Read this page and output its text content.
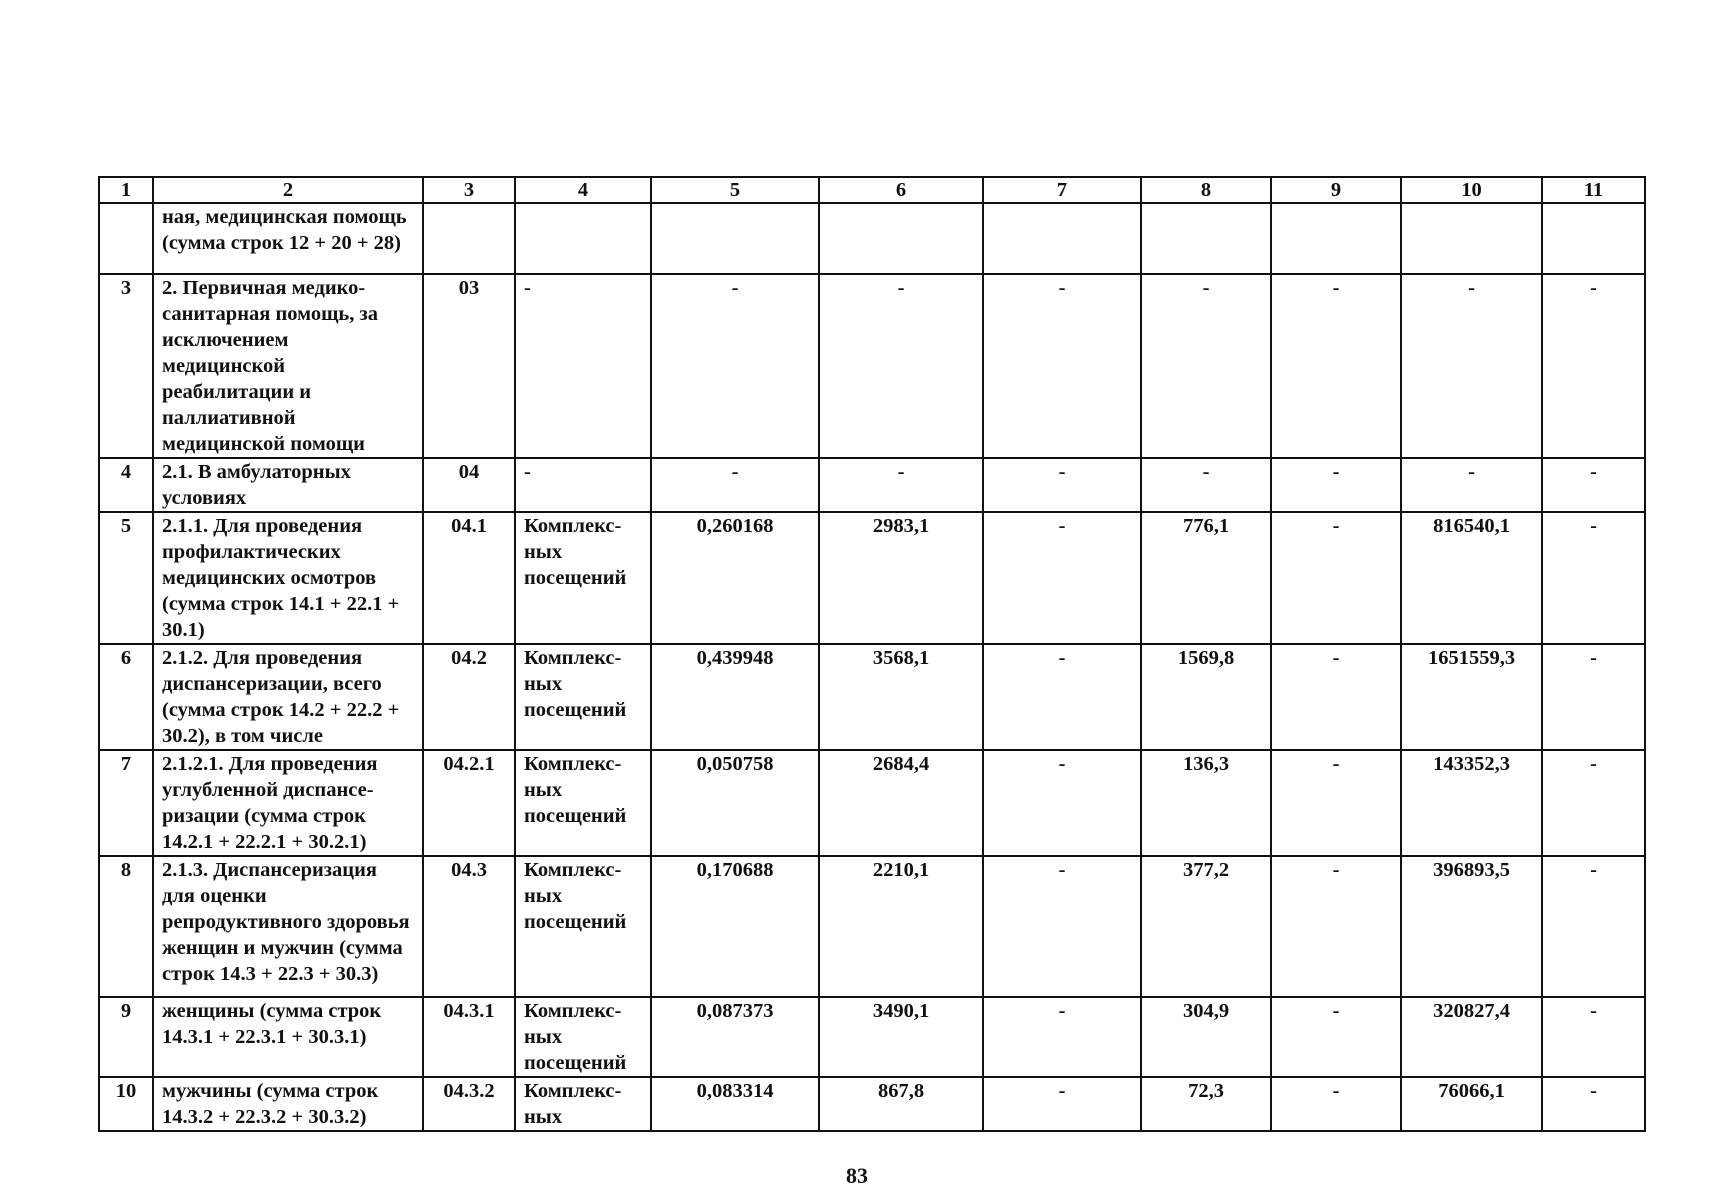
1	2	3	4	5	6	7	8	9	10	11
	ная, медицинская помощь (сумма строк 12 + 20 + 28)									
3	2. Первичная медико-санитарная помощь, за исключением медицинской реабилитации и паллиативной медицинской помощи	03	-	-	-	-	-	-	-	-
4	2.1. В амбулаторных условиях	04	-	-	-	-	-	-	-	-
5	2.1.1. Для проведения профилактических медицинских осмотров (сумма строк 14.1 + 22.1 + 30.1)	04.1	Комплекс-ных посещений	0,260168	2983,1	-	776,1	-	816540,1	-
6	2.1.2. Для проведения диспансеризации, всего (сумма строк 14.2 + 22.2 + 30.2), в том числе	04.2	Комплекс-ных посещений	0,439948	3568,1	-	1569,8	-	1651559,3	-
7	2.1.2.1. Для проведения углубленной диспансе-ризации (сумма строк 14.2.1 + 22.2.1 + 30.2.1)	04.2.1	Комплекс-ных посещений	0,050758	2684,4	-	136,3	-	143352,3	-
8	2.1.3. Диспансеризация для оценки репродуктивного здоровья женщин и мужчин (сумма строк 14.3 + 22.3 + 30.3)	04.3	Комплекс-ных посещений	0,170688	2210,1	-	377,2	-	396893,5	-
9	женщины (сумма строк 14.3.1 + 22.3.1 + 30.3.1)	04.3.1	Комплекс-ных посещений	0,087373	3490,1	-	304,9	-	320827,4	-
10	мужчины (сумма строк 14.3.2 + 22.3.2 + 30.3.2)	04.3.2	Комплекс-ных	0,083314	867,8	-	72,3	-	76066,1	-
83
